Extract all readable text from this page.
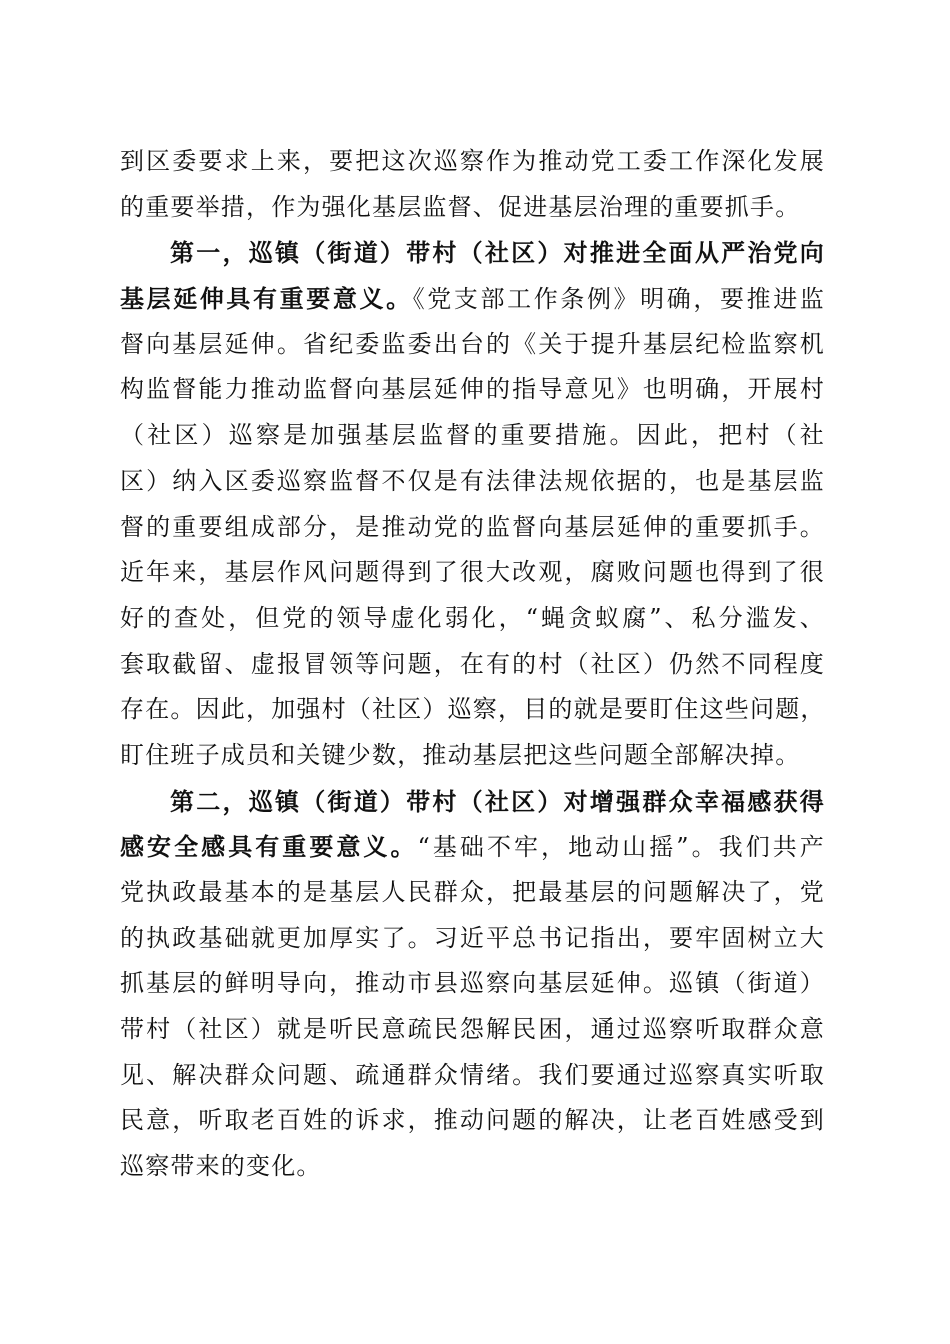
到区委要求上来，要把这次巡察作为推动党工委工作深化发展
的重要举措，作为强化基层监督、促进基层治理的重要抓手。
第一，巡镇（街道）带村（社区）对推进全面从严治党向
基层延伸具有重要意义。《党支部工作条例》明确，要推进监
督向基层延伸。省纪委监委出台的《关于提升基层纪检监察机
构监督能力推动监督向基层延伸的指导意见》也明确，开展村
（社区）巡察是加强基层监督的重要措施。因此，把村（社
区）纳入区委巡察监督不仅是有法律法规依据的，也是基层监
督的重要组成部分，是推动党的监督向基层延伸的重要抓手。
近年来，基层作风问题得到了很大改观，腐败问题也得到了很
好的查处，但党的领导虚化弱化，“蝇贪蚁腐”、私分滥发、
套取截留、虚报冒领等问题，在有的村（社区）仍然不同程度
存在。因此，加强村（社区）巡察，目的就是要盯住这些问题，
盯住班子成员和关键少数，推动基层把这些问题全部解决掉。
第二，巡镇（街道）带村（社区）对增强群众幸福感获得
感安全感具有重要意义。“基础不牢，地动山摇”。我们共产
党执政最基本的是基层人民群众，把最基层的问题解决了，党
的执政基础就更加厚实了。习近平总书记指出，要牢固树立大
抓基层的鲜明导向，推动市县巡察向基层延伸。巡镇（街道）
带村（社区）就是听民意疏民怨解民困，通过巡察听取群众意
见、解决群众问题、疏通群众情绪。我们要通过巡察真实听取
民意，听取老百姓的诉求，推动问题的解决，让老百姓感受到
巡察带来的变化。
